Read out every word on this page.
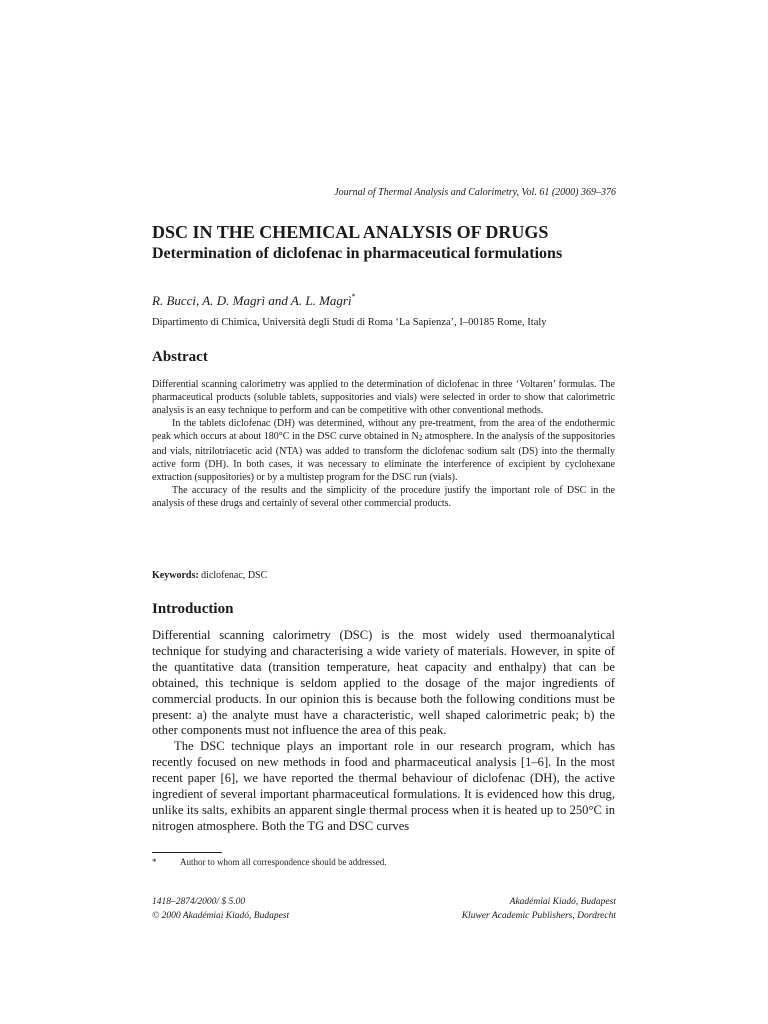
Journal of Thermal Analysis and Calorimetry, Vol. 61 (2000) 369–376
DSC IN THE CHEMICAL ANALYSIS OF DRUGS
Determination of diclofenac in pharmaceutical formulations
R. Bucci, A. D. Magrì and A. L. Magrì*
Dipartimento di Chimica, Università degli Studi di Roma ‘La Sapienza’, I–00185 Rome, Italy
Abstract

Differential scanning calorimetry was applied to the determination of diclofenac in three ‘Voltaren’ formulas. The pharmaceutical products (soluble tablets, suppositories and vials) were selected in order to show that calorimetric analysis is an easy technique to perform and can be competitive with other conventional methods.

In the tablets diclofenac (DH) was determined, without any pre-treatment, from the area of the endothermic peak which occurs at about 180°C in the DSC curve obtained in $N_2$ atmosphere. In the analysis of the suppositories and vials, nitrilotriacetic acid (NTA) was added to transform the diclofenac sodium salt (DS) into the thermally active form (DH). In both cases, it was necessary to eliminate the interference of excipient by cyclohexane extraction (suppositories) or by a multistep program for the DSC run (vials).

The accuracy of the results and the simplicity of the procedure justify the important role of DSC in the analysis of these drugs and certainly of several other commercial products.

Keywords: diclofenac, DSC
Introduction

Differential scanning calorimetry (DSC) is the most widely used thermoanalytical technique for studying and characterising a wide variety of materials. However, in spite of the quantitative data (transition temperature, heat capacity and enthalpy) that can be obtained, this technique is seldom applied to the dosage of the major ingredients of commercial products. In our opinion this is because both the following conditions must be present: a) the analyte must have a characteristic, well shaped calorimetric peak; b) the other components must not influence the area of this peak.

The DSC technique plays an important role in our research program, which has recently focused on new methods in food and pharmaceutical analysis [1–6]. In the most recent paper [6], we have reported the thermal behaviour of diclofenac (DH), the active ingredient of several important pharmaceutical formulations. It is evidenced how this drug, unlike its salts, exhibits an apparent single thermal process when it is heated up to 250°C in nitrogen atmosphere. Both the TG and DSC curves

*	Author to whom all correspondence should be addressed.
1418–2874/2000/ $ 5.00
© 2000 Akadémiai Kiadó, Budapest
Akadémiai Kiadó, Budapest
Kluwer Academic Publishers, Dordrecht
